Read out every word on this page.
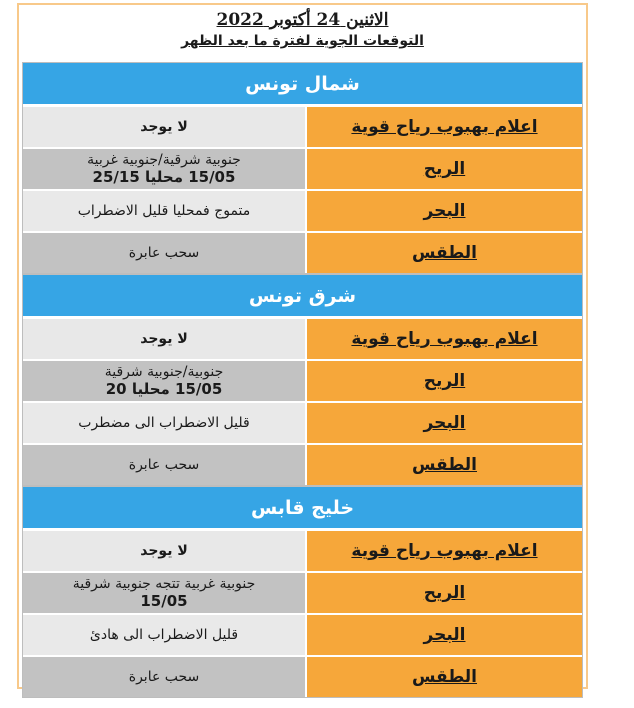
الاثنين 24 أكتوبر 2022
التوقعات الجوية لفترة ما بعد الظهر
شمال تونس
اعلام بهبوب رياح قوية
لا يوجد
الريح
جنوبية شرقية/جنوبية غربية
15/05 محليا 25/15
البحر
متموج فمحليا قليل الاضطراب
الطقس
سحب عابرة
شرق تونس
اعلام بهبوب رياح قوية
لا يوجد
الريح
جنوبية/جنوبية شرقية
15/05 محليا 20
البحر
قليل الاضطراب الى مضطرب
الطقس
سحب عابرة
خليج قابس
اعلام بهبوب رياح قوية
لا يوجد
الريح
جنوبية غربية تتجه جنوبية شرقية
15/05
البحر
قليل الاضطراب الى هادئ
الطقس
سحب عابرة
